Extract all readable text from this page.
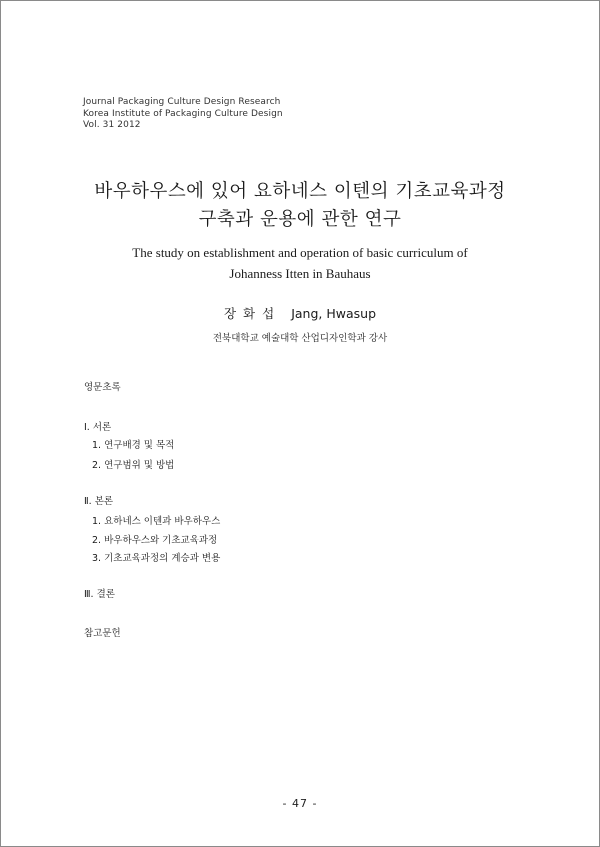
Journal Packaging Culture Design Research
Korea Institute of Packaging Culture Design
Vol. 31 2012
바우하우스에 있어 요하네스 이텐의 기초교육과정
구축과 운용에 관한 연구
The study on establishment and operation of basic curriculum of
Johanness Itten in Bauhaus
장화섭 Jang, Hwasup
전북대학교 예술대학 산업디자인학과 강사
영문초록
Ⅰ. 서론
1. 연구배경 및 목적
2. 연구범위 및 방법
Ⅱ. 본론
1. 요하네스 이텐과 바우하우스
2. 바우하우스와 기초교육과정
3. 기초교육과정의 계승과 변용
Ⅲ. 결론
참고문헌
- 47 -
